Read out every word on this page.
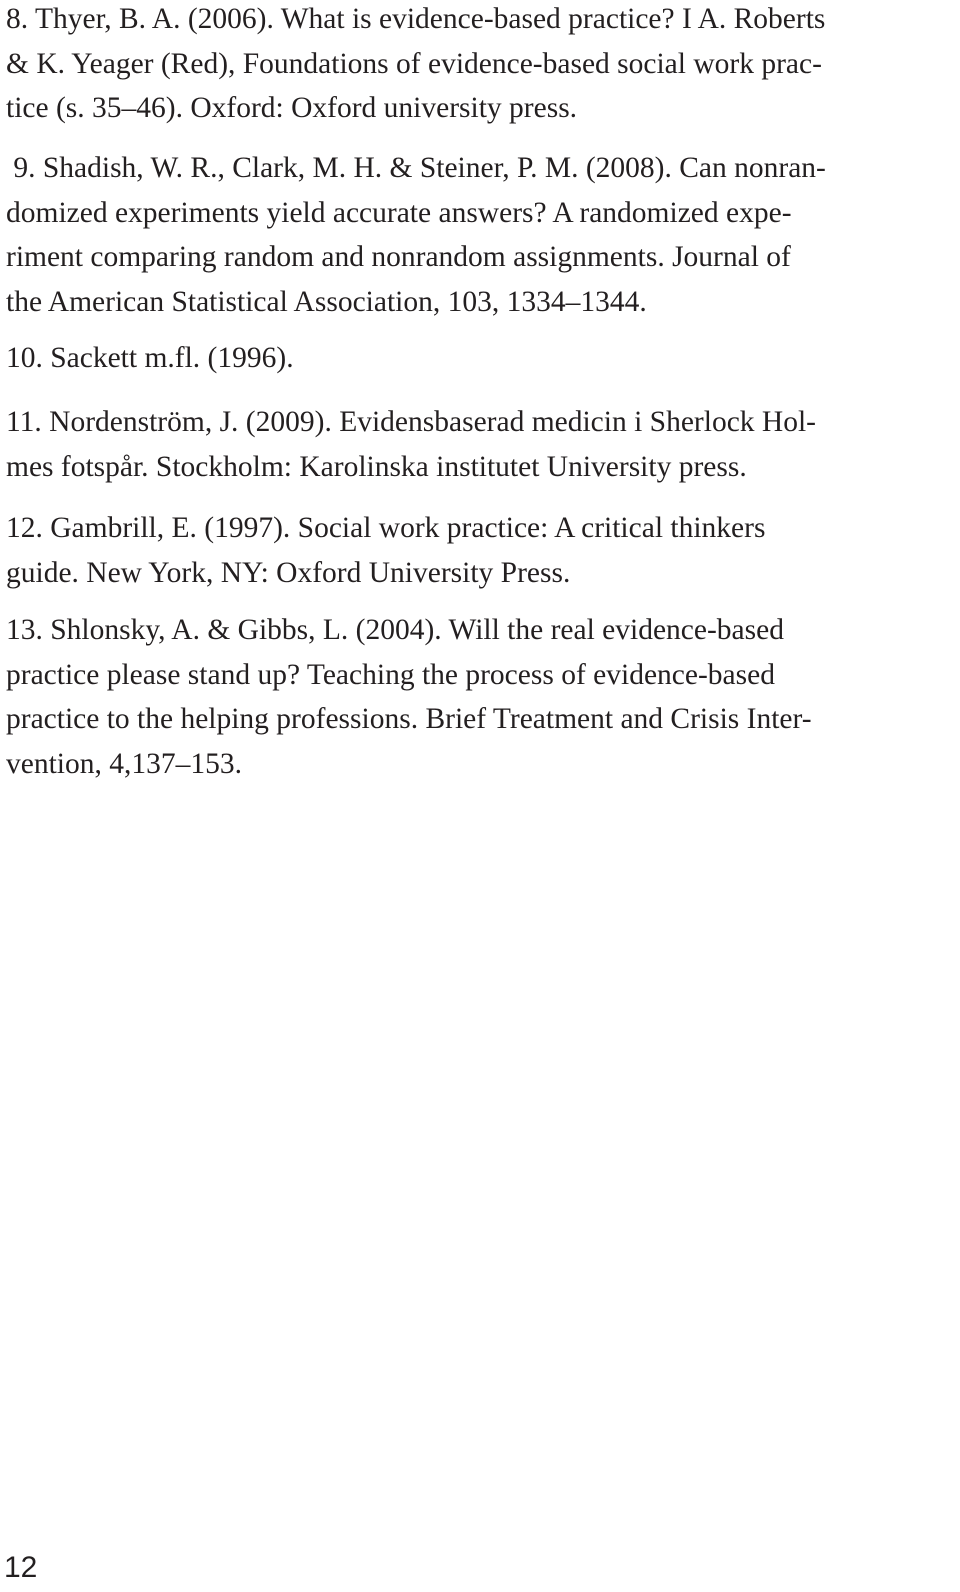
8. Thyer, B. A. (2006). What is evidence-based practice? I A. Roberts
& K. Yeager (Red), Foundations of evidence-based social work prac-
tice (s. 35–46). Oxford: Oxford university press.

9. Shadish, W. R., Clark, M. H. & Steiner, P. M. (2008). Can nonran-
domized experiments yield accurate answers? A randomized expe-
riment comparing random and nonrandom assignments. Journal of
the American Statistical Association, 103, 1334–1344.

10. Sackett m.fl. (1996).

11. Nordenström, J. (2009). Evidensbaserad medicin i Sherlock Hol-
mes fotspår. Stockholm: Karolinska institutet University press.

12. Gambrill, E. (1997). Social work practice: A critical thinkers
guide. New York, NY: Oxford University Press.

13. Shlonsky, A. & Gibbs, L. (2004). Will the real evidence-based
practice please stand up? Teaching the process of evidence-based
practice to the helping professions. Brief Treatment and Crisis Inter-
vention, 4,137–153.

12
